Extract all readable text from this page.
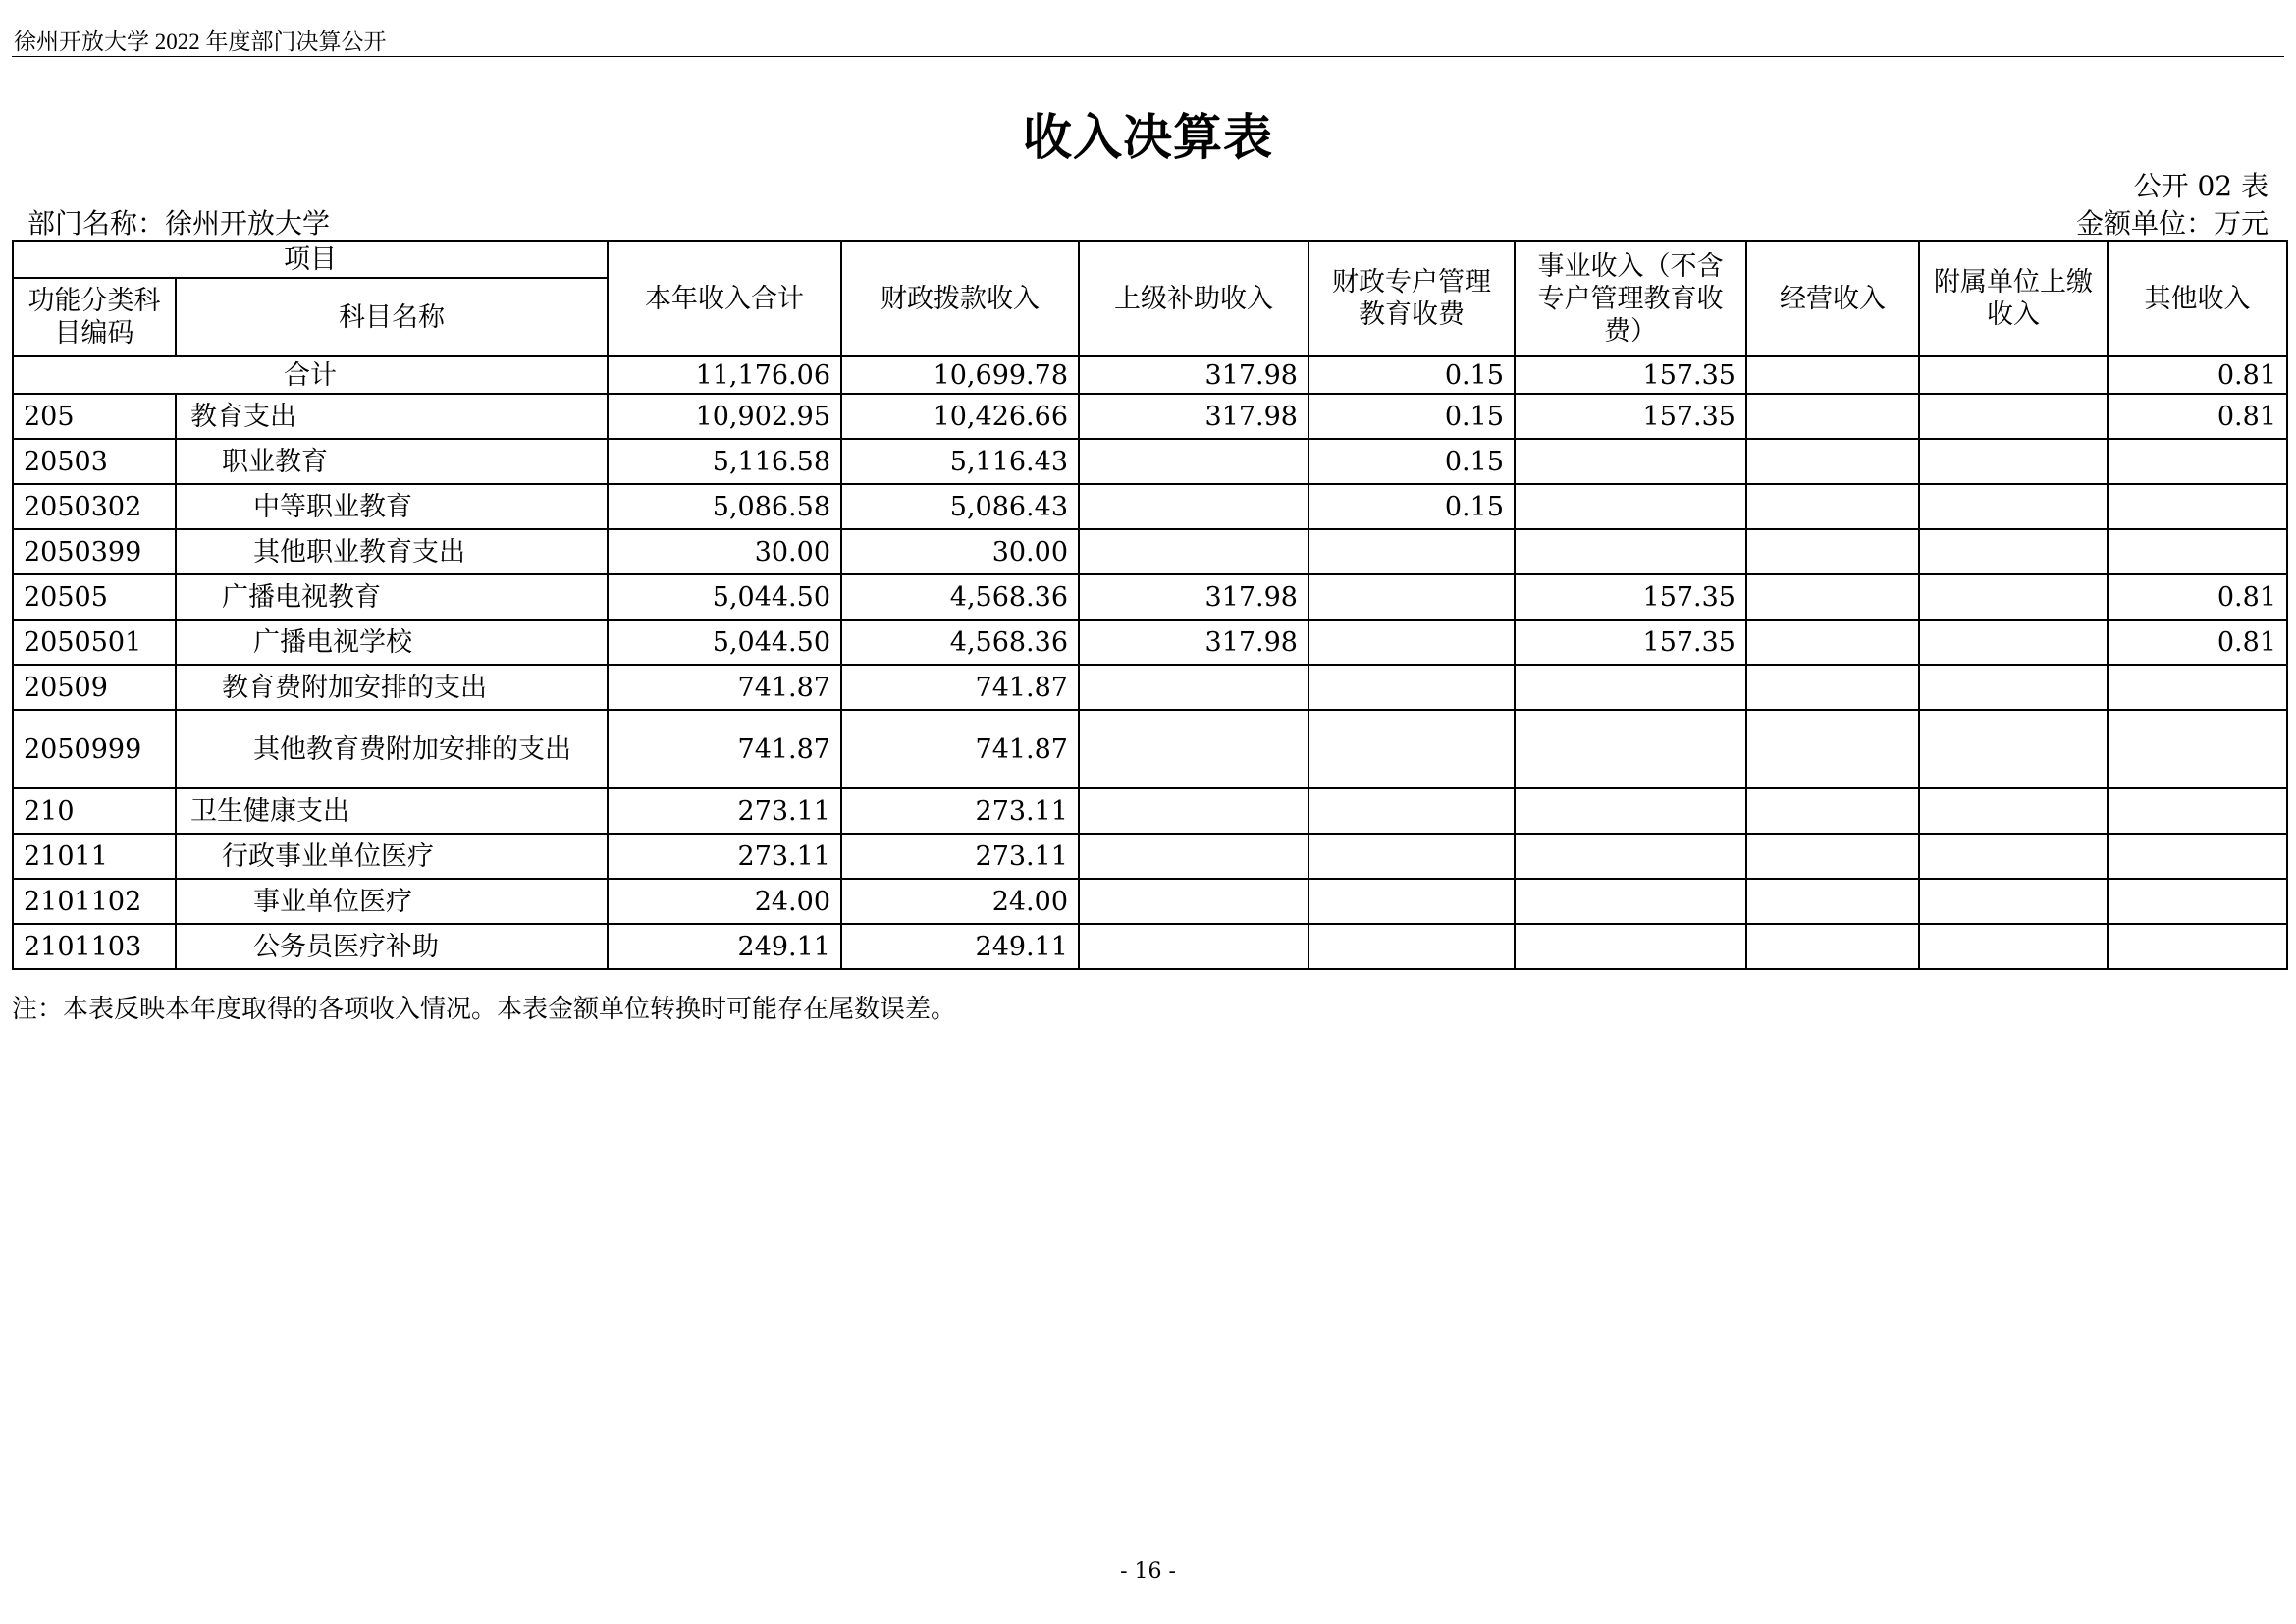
徐州开放大学 2022 年度部门决算公开
收入决算表
公开 02 表
部门名称：徐州开放大学	金额单位：万元
项目		本年收入合计	财政拨款收入	上级补助收入	财政专户管理教育收费	事业收入（不含专户管理教育收费）	经营收入	附属单位上缴收入	其他收入
功能分类科目编码	科目名称								
合计		11,176.06	10,699.78	317.98	0.15	157.35			0.81
205	教育支出	10,902.95	10,426.66	317.98	0.15	157.35			0.81
20503	职业教育	5,116.58	5,116.43		0.15				
2050302	中等职业教育	5,086.58	5,086.43		0.15				
2050399	其他职业教育支出	30.00	30.00						
20505	广播电视教育	5,044.50	4,568.36	317.98		157.35			0.81
2050501	广播电视学校	5,044.50	4,568.36	317.98		157.35			0.81
20509	教育费附加安排的支出	741.87	741.87						
2050999	其他教育费附加安排的支出	741.87	741.87						
210	卫生健康支出	273.11	273.11						
21011	行政事业单位医疗	273.11	273.11						
2101102	事业单位医疗	24.00	24.00						
2101103	公务员医疗补助	249.11	249.11						
注：本表反映本年度取得的各项收入情况。本表金额单位转换时可能存在尾数误差。
- 16 -
